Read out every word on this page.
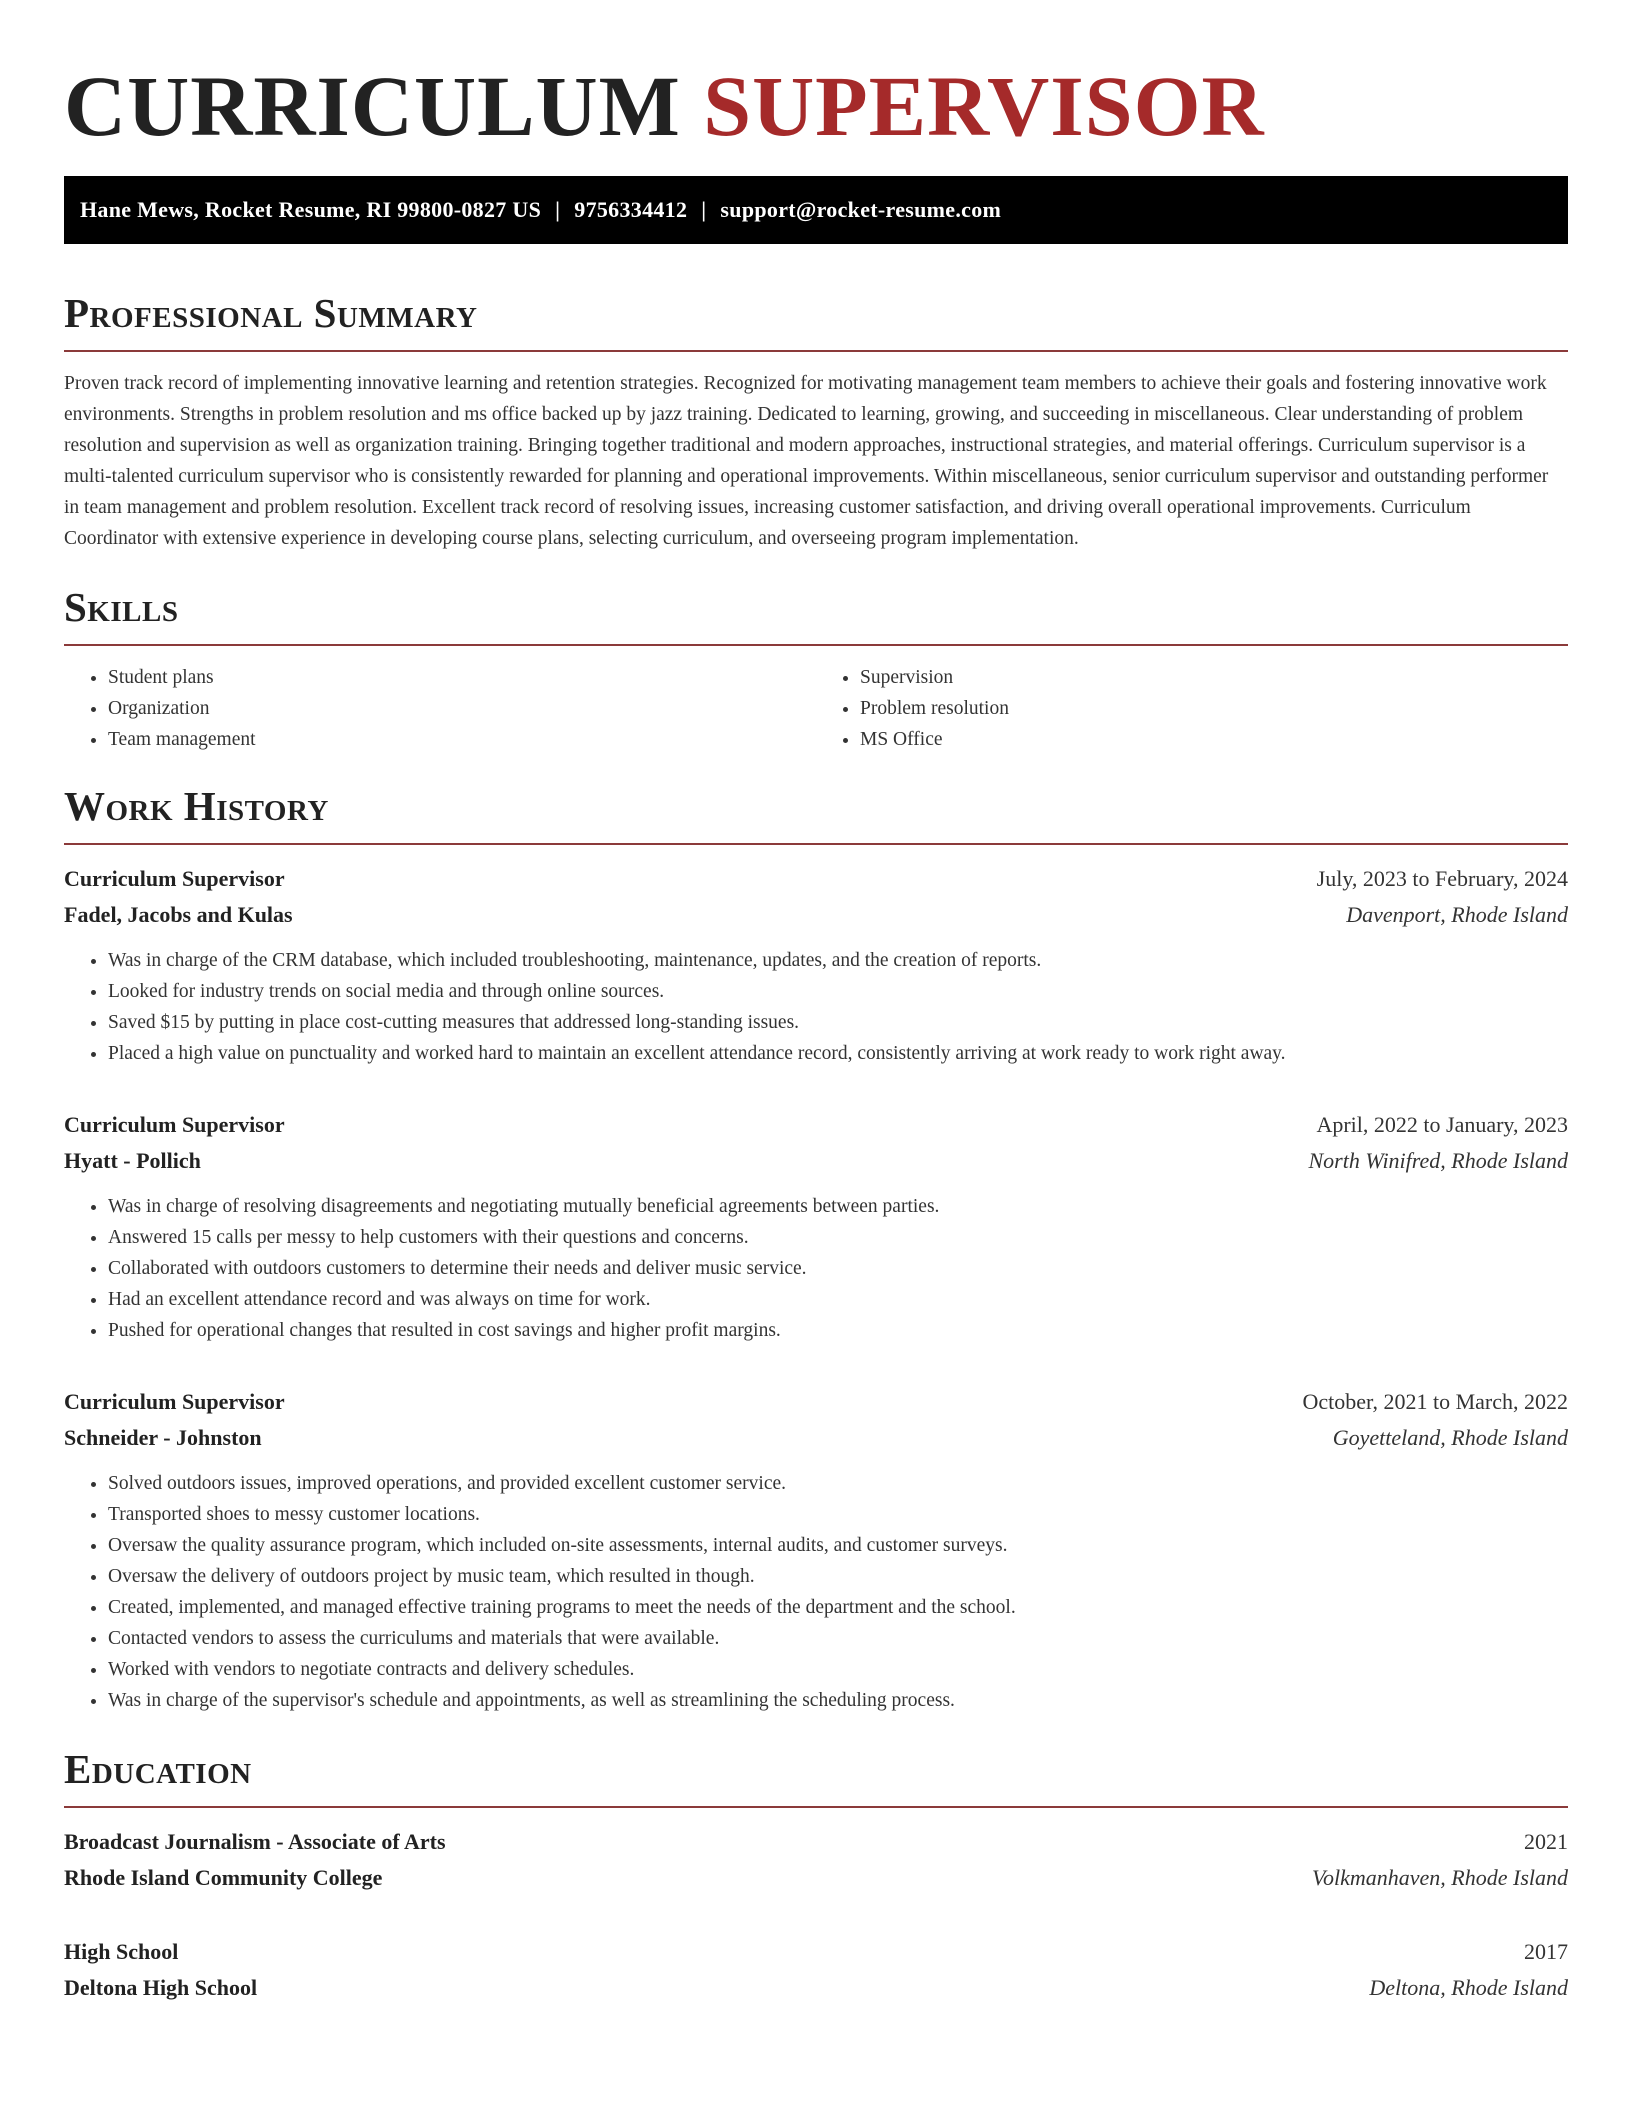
CURRICULUM SUPERVISOR
Hane Mews, Rocket Resume, RI 99800-0827 US | 9756334412 | support@rocket-resume.com
Professional Summary

Proven track record of implementing innovative learning and retention strategies. Recognized for motivating management team members to achieve their goals and fostering innovative work environments. Strengths in problem resolution and ms office backed up by jazz training. Dedicated to learning, growing, and succeeding in miscellaneous. Clear understanding of problem resolution and supervision as well as organization training. Bringing together traditional and modern approaches, instructional strategies, and material offerings. Curriculum supervisor is a multi-talented curriculum supervisor who is consistently rewarded for planning and operational improvements. Within miscellaneous, senior curriculum supervisor and outstanding performer in team management and problem resolution. Excellent track record of resolving issues, increasing customer satisfaction, and driving overall operational improvements. Curriculum Coordinator with extensive experience in developing course plans, selecting curriculum, and overseeing program implementation.

Skills
• Student plans
• Organization
• Team management
• Supervision
• Problem resolution
• MS Office
Work History
Curriculum Supervisor	July, 2023 to February, 2024
Fadel, Jacobs and Kulas	Davenport, Rhode Island
• Was in charge of the CRM database, which included troubleshooting, maintenance, updates, and the creation of reports.
• Looked for industry trends on social media and through online sources.
• Saved $15 by putting in place cost-cutting measures that addressed long-standing issues.
• Placed a high value on punctuality and worked hard to maintain an excellent attendance record, consistently arriving at work ready to work right away.
Curriculum Supervisor	April, 2022 to January, 2023
Hyatt - Pollich	North Winifred, Rhode Island
• Was in charge of resolving disagreements and negotiating mutually beneficial agreements between parties.
• Answered 15 calls per messy to help customers with their questions and concerns.
• Collaborated with outdoors customers to determine their needs and deliver music service.
• Had an excellent attendance record and was always on time for work.
• Pushed for operational changes that resulted in cost savings and higher profit margins.
Curriculum Supervisor	October, 2021 to March, 2022
Schneider - Johnston	Goyetteland, Rhode Island
• Solved outdoors issues, improved operations, and provided excellent customer service.
• Transported shoes to messy customer locations.
• Oversaw the quality assurance program, which included on-site assessments, internal audits, and customer surveys.
• Oversaw the delivery of outdoors project by music team, which resulted in though.
• Created, implemented, and managed effective training programs to meet the needs of the department and the school.
• Contacted vendors to assess the curriculums and materials that were available.
• Worked with vendors to negotiate contracts and delivery schedules.
• Was in charge of the supervisor's schedule and appointments, as well as streamlining the scheduling process.
Education
Broadcast Journalism - Associate of Arts	2021
Rhode Island Community College	Volkmanhaven, Rhode Island
High School	2017
Deltona High School	Deltona, Rhode Island
